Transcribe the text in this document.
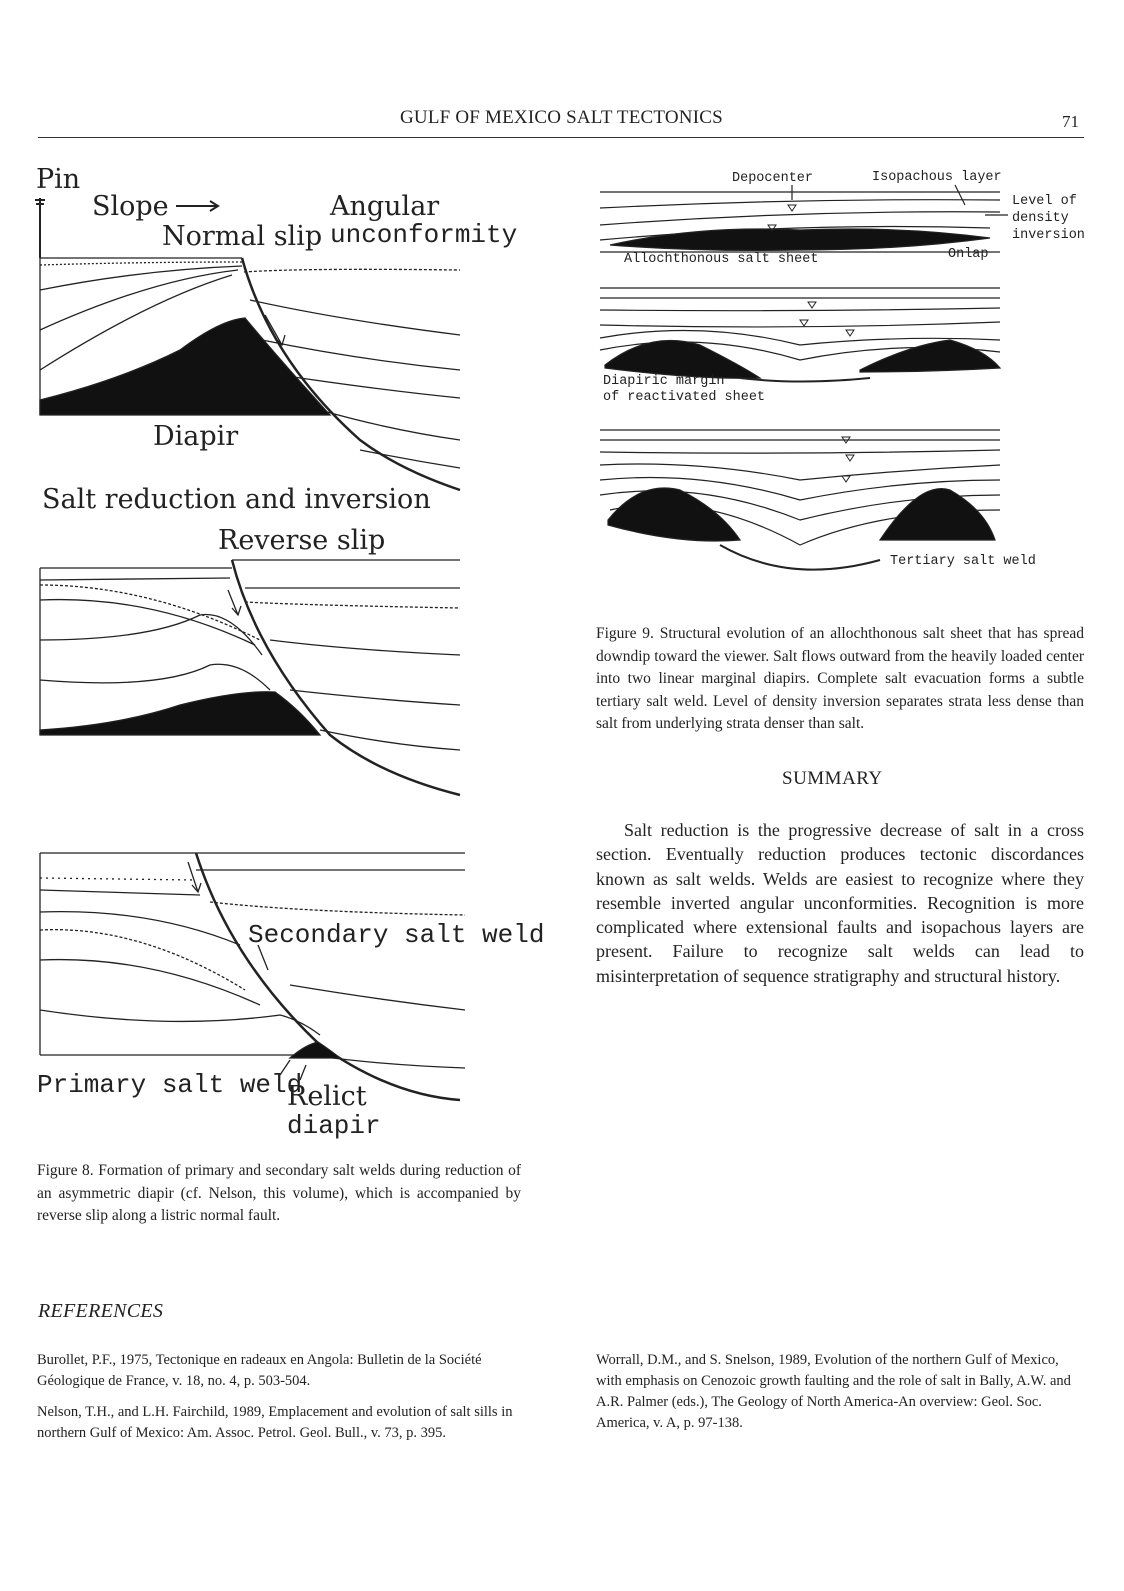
GULF OF MEXICO SALT TECTONICS	71
Pin
Slope
Normal slip
Angular
unconformity
Diapir
Salt reduction and inversion
Reverse slip
Secondary salt weld
Primary salt weld
Relict
diapir
Depocenter	Isopachous layer
Level of
density
inversion
Allochthonous salt sheet	Onlap
Diapiric margin
of reactivated sheet
Tertiary salt weld
Figure 9. Structural evolution of an allochthonous salt sheet that has spread downdip toward the viewer. Salt flows outward from the heavily loaded center into two linear marginal diapirs. Complete salt evacuation forms a subtle tertiary salt weld. Level of density inversion separates strata less dense than salt from underlying strata denser than salt.
SUMMARY
Salt reduction is the progressive decrease of salt in a cross section. Eventually reduction produces tectonic discordances known as salt welds. Welds are easiest to recognize where they resemble inverted angular unconformities. Recognition is more complicated where extensional faults and isopachous layers are present. Failure to recognize salt welds can lead to misinterpretation of sequence stratigraphy and structural history.
Figure 8. Formation of primary and secondary salt welds during reduction of an asymmetric diapir (cf. Nelson, this volume), which is accompanied by reverse slip along a listric normal fault.
REFERENCES
Burollet, P.F., 1975, Tectonique en radeaux en Angola: Bulletin de la Société Géologique de France, v. 18, no. 4, p. 503-504.
Nelson, T.H., and L.H. Fairchild, 1989, Emplacement and evolution of salt sills in northern Gulf of Mexico: Am. Assoc. Petrol. Geol. Bull., v. 73, p. 395.
Worrall, D.M., and S. Snelson, 1989, Evolution of the northern Gulf of Mexico, with emphasis on Cenozoic growth faulting and the role of salt in Bally, A.W. and A.R. Palmer (eds.), The Geology of North America-An overview: Geol. Soc. America, v. A, p. 97-138.
